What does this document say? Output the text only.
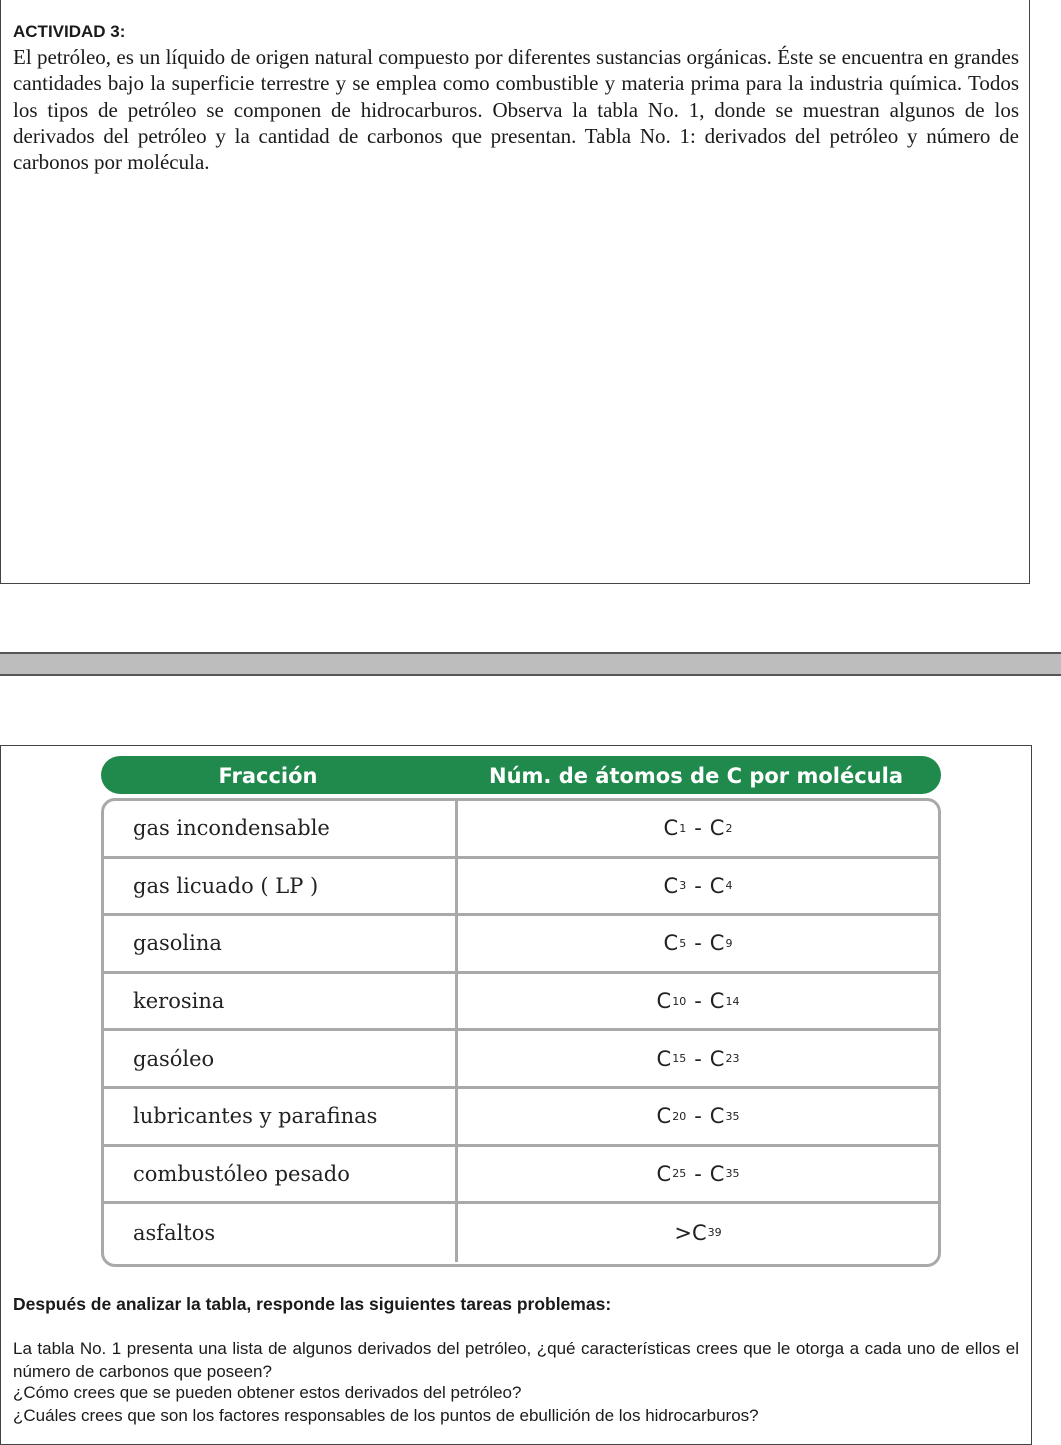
ACTIVIDAD 3:

El petróleo, es un líquido de origen natural compuesto por diferentes sustancias orgánicas. Éste se encuentra en grandes cantidades bajo la superficie terrestre y se emplea como combustible y materia prima para la industria química. Todos los tipos de petróleo se componen de hidrocarburos. Observa la tabla No. 1, donde se muestran algunos de los derivados del petróleo y la cantidad de carbonos que presentan. Tabla No. 1: derivados del petróleo y número de carbonos por molécula.

Fracción	Núm. de átomos de C por molécula
gas incondensable	C 1 - C 2
gas licuado ( LP )	C 3 - C 4
gasolina	C 5 - C 9
kerosina	C 10 - C 14
gasóleo	C 15 - C 23
lubricantes y parafinas	C 20 - C 35
combustóleo pesado	C 25 - C 35
asfaltos	> C 39
Después de analizar la tabla, responde las siguientes tareas problemas:

La tabla No. 1 presenta una lista de algunos derivados del petróleo, ¿qué características crees que le otorga a cada uno de ellos el número de carbonos que poseen?

¿Cómo crees que se pueden obtener estos derivados del petróleo?
¿Cuáles crees que son los factores responsables de los puntos de ebullición de los hidrocarburos?
